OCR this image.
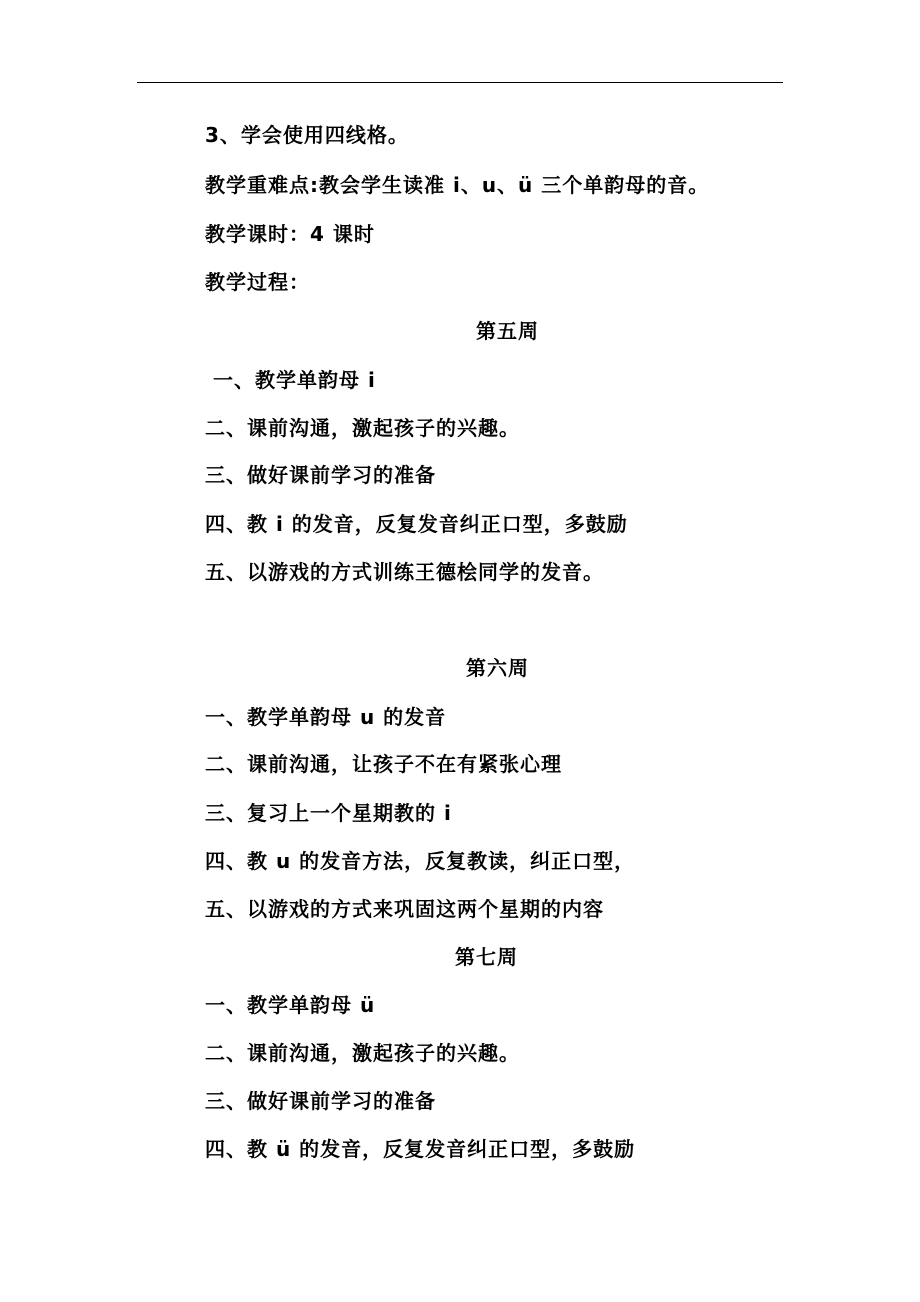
3、学会使用四线格。
教学重难点:教会学生读准 i、u、ü 三个单韵母的音。
教学课时：4 课时
教学过程：
第五周
一、教学单韵母 i
二、课前沟通，激起孩子的兴趣。
三、做好课前学习的准备
四、教 i 的发音，反复发音纠正口型，多鼓励
五、以游戏的方式训练王德桧同学的发音。
第六周
一、教学单韵母 u 的发音
二、课前沟通，让孩子不在有紧张心理
三、复习上一个星期教的 i
四、教 u 的发音方法，反复教读，纠正口型，
五、以游戏的方式来巩固这两个星期的内容
第七周
一、教学单韵母 ü
二、课前沟通，激起孩子的兴趣。
三、做好课前学习的准备
四、教 ü 的发音，反复发音纠正口型，多鼓励
